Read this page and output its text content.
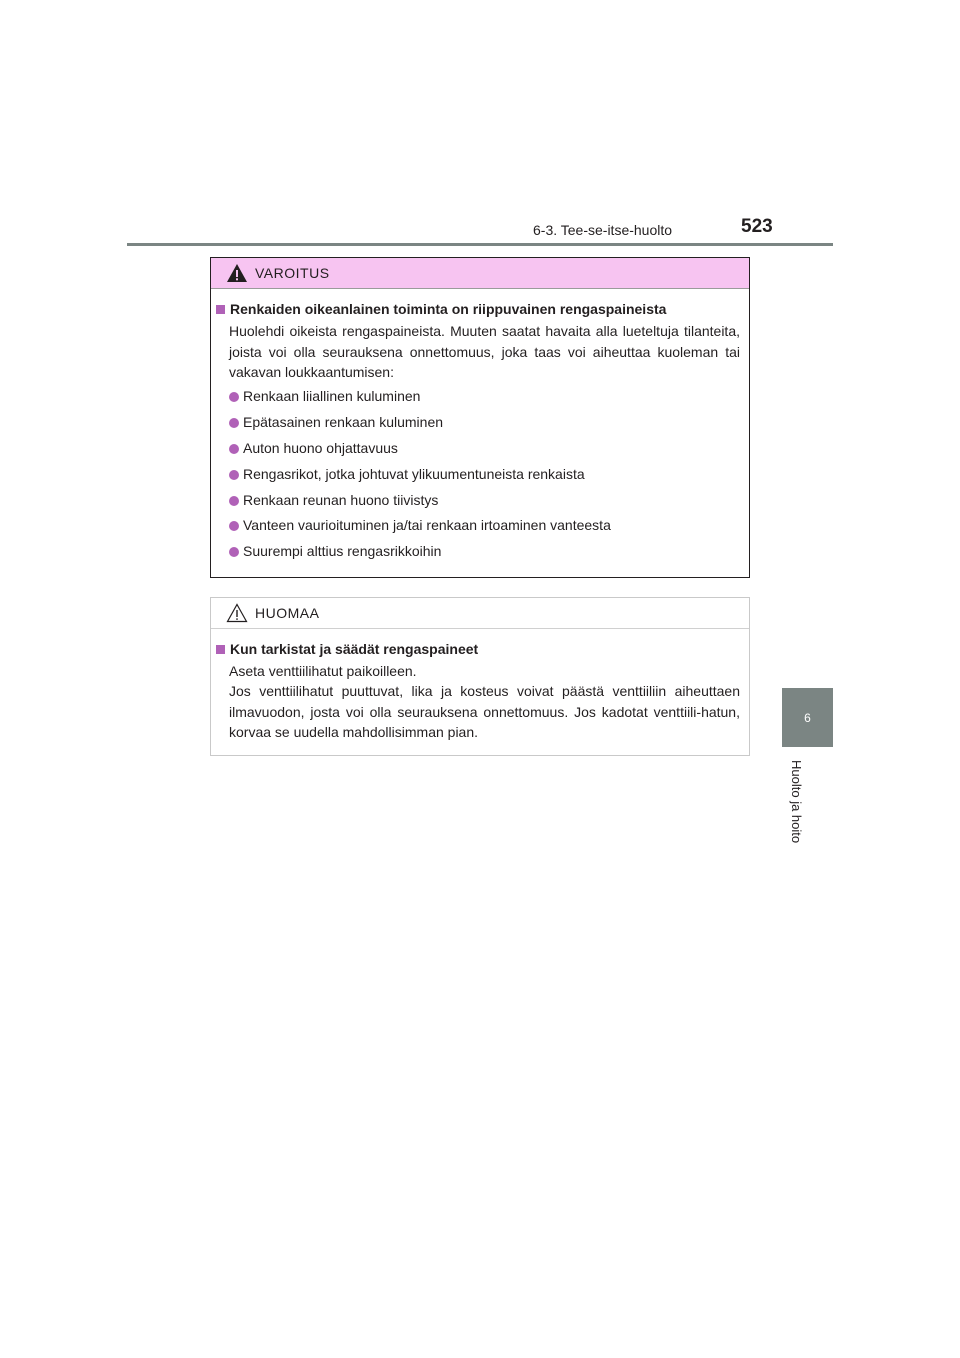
6-3. Tee-se-itse-huolto	523
6
Huolto ja hoito
VAROITUS
Renkaiden oikeanlainen toiminta on riippuvainen rengaspaineista
Huolehdi oikeista rengaspaineista. Muuten saatat havaita alla lueteltuja tilanteita, joista voi olla seurauksena onnettomuus, joka taas voi aiheuttaa kuoleman tai vakavan loukkaantumisen:
Renkaan liiallinen kuluminen
Epätasainen renkaan kuluminen
Auton huono ohjattavuus
Rengasrikot, jotka johtuvat ylikuumentuneista renkaista
Renkaan reunan huono tiivistys
Vanteen vaurioituminen ja/tai renkaan irtoaminen vanteesta
Suurempi alttius rengasrikkoihin
HUOMAA
Kun tarkistat ja säädät rengaspaineet
Aseta venttiilihatut paikoilleen.
Jos venttiilihatut puuttuvat, lika ja kosteus voivat päästä venttiiliin aiheuttaen ilmavuodon, josta voi olla seurauksena onnettomuus. Jos kadotat venttiili-hatun, korvaa se uudella mahdollisimman pian.
